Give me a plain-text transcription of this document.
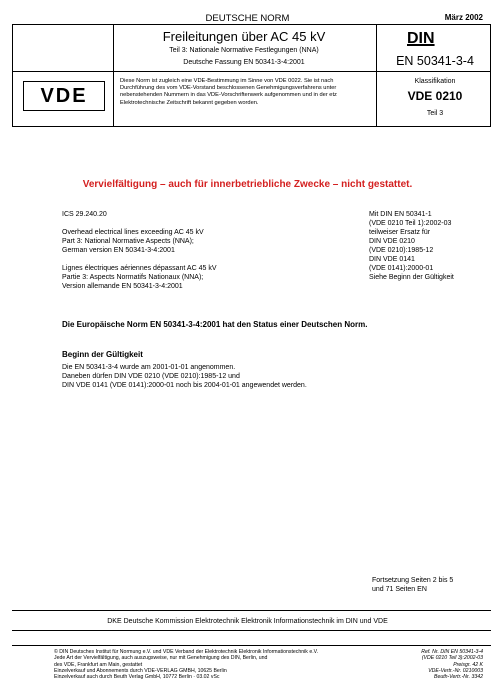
DEUTSCHE NORM	März 2002
Freileitungen über AC 45 kV
Teil 3: Nationale Normative Festlegungen (NNA)
Deutsche Fassung EN 50341-3-4:2001
DIN
EN 50341-3-4
VDE
Diese Norm ist zugleich eine VDE-Bestimmung im Sinne von VDE 0022. Sie ist nach
Durchführung des vom VDE-Vorstand beschlossenen Genehmigungsverfahrens unter
nebenstehenden Nummern in das VDE-Vorschriftenwerk aufgenommen und in der etz
Elektrotechnische Zeitschrift bekannt gegeben worden.
Klassifikation
VDE 0210
Teil 3
Vervielfältigung – auch für innerbetriebliche Zwecke – nicht gestattet.
ICS 29.240.20
Overhead electrical lines exceeding AC 45 kV
Part 3: National Normative Aspects (NNA);
German version EN 50341-3-4:2001
Lignes électriques aériennes dépassant AC 45 kV
Partie 3: Aspects Normatifs Nationaux (NNA);
Version allemande EN 50341-3-4:2001
Mit DIN EN 50341-1
(VDE 0210 Teil 1):2002-03
teilweiser Ersatz für
DIN VDE 0210
(VDE 0210):1985-12
DIN VDE 0141
(VDE 0141):2000-01
Siehe Beginn der Gültigkeit
Die Europäische Norm EN 50341-3-4:2001 hat den Status einer Deutschen Norm.
Beginn der Gültigkeit
Die EN 50341-3-4 wurde am 2001-01-01 angenommen.
Daneben dürfen DIN VDE 0210 (VDE 0210):1985-12 und
DIN VDE 0141 (VDE 0141):2000-01 noch bis 2004-01-01 angewendet werden.
Fortsetzung Seiten 2 bis 5
und 71 Seiten EN
DKE Deutsche Kommission Elektrotechnik Elektronik Informationstechnik im DIN und VDE
© DIN Deutsches Institut für Normung e.V. und VDE Verband der Elektrotechnik Elektronik Informationstechnik e.V.
Jede Art der Vervielfältigung, auch auszugsweise, nur mit Genehmigung des DIN, Berlin, und
des VDE, Frankfurt am Main, gestattet
Einzelverkauf und Abonnements durch VDE-VERLAG GMBH, 10625 Berlin
Einzelverkauf auch durch Beuth Verlag GmbH, 10772 Berlin · 03.02 vSc
Ref. Nr. DIN EN 50341-3-4
(VDE 0210 Teil 3):2002-03
Preisgr. 42 K
VDE-Vertr.-Nr. 0210003
Beuth-Vertr.-Nr. 3342
